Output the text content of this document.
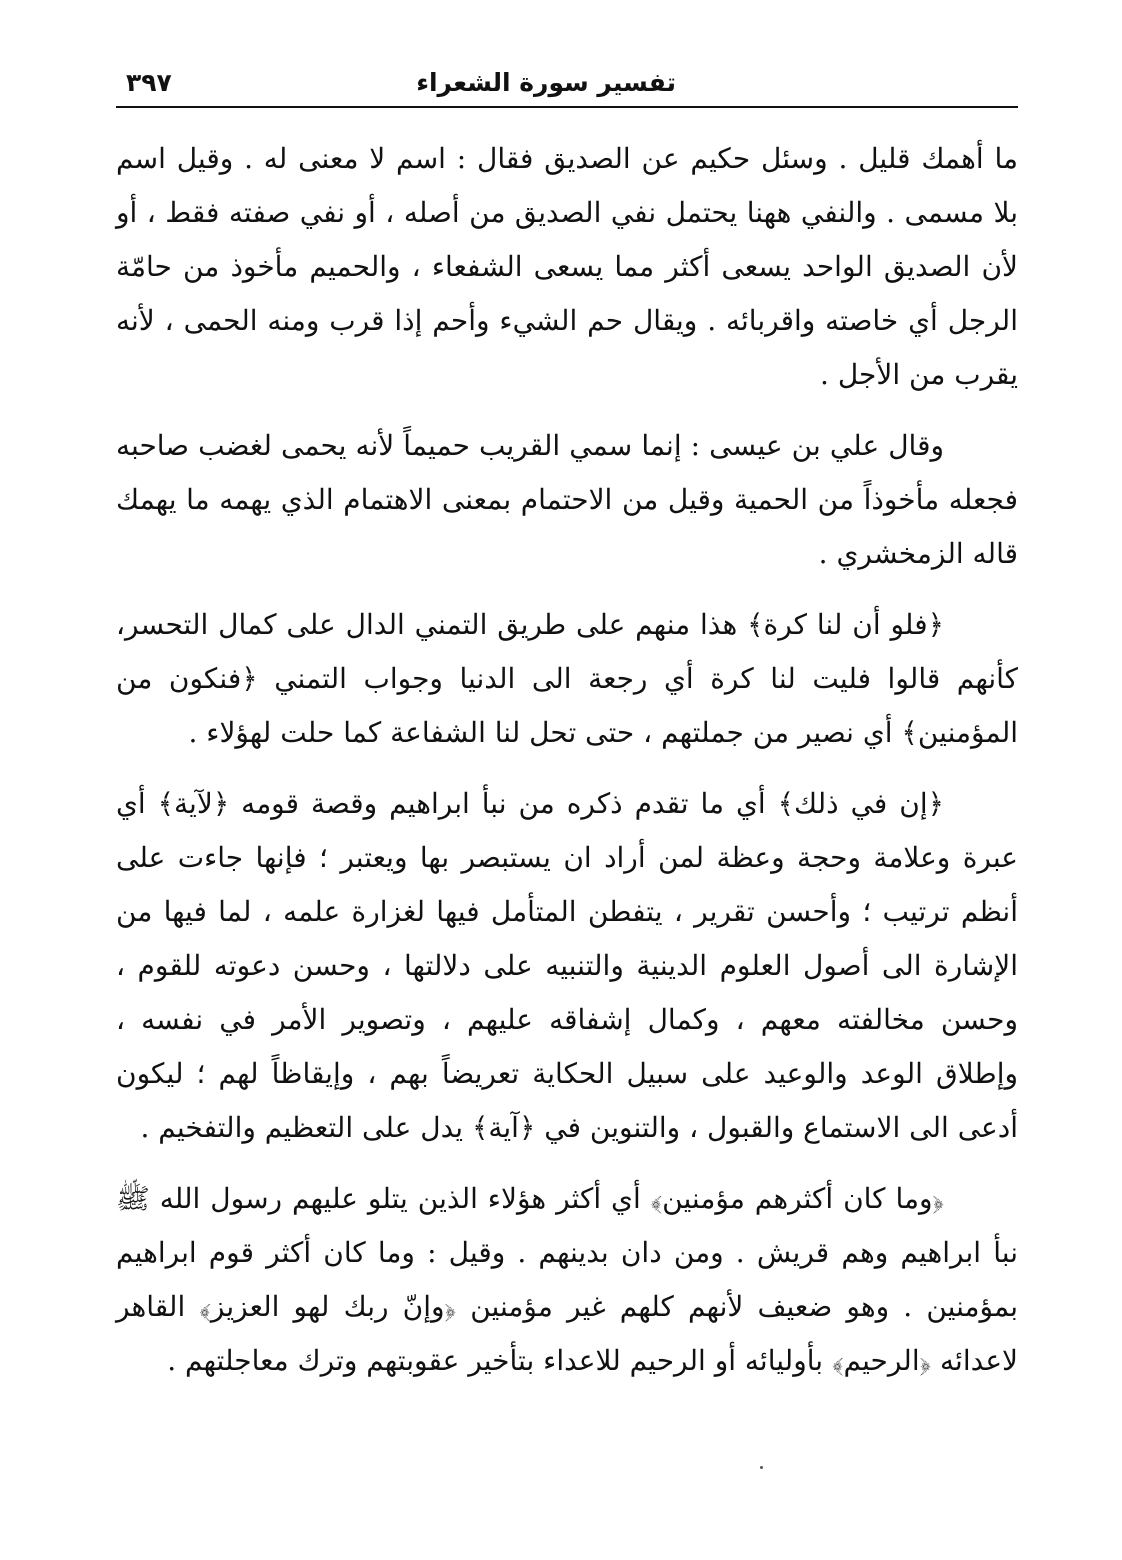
تفسير سورة الشعراء
٣٩٧

ما أهمك قليل . وسئل حكيم عن الصديق فقال : اسم لا معنى له . وقيل اسم بلا مسمى . والنفي ههنا يحتمل نفي الصديق من أصله ، أو نفي صفته فقط ، أو لأن الصديق الواحد يسعى أكثر مما يسعى الشفعاء ، والحميم مأخوذ من حامّة الرجل أي خاصته واقربائه . ويقال حم الشيء وأحم إذا قرب ومنه الحمى ، لأنه يقرب من الأجل .

وقال علي بن عيسى : إنما سمي القريب حميماً لأنه يحمى لغضب صاحبه فجعله مأخوذاً من الحمية وقيل من الاحتمام بمعنى الاهتمام الذي يهمه ما يهمك قاله الزمخشري .

﴿فلو أن لنا كرة﴾ هذا منهم على طريق التمني الدال على كمال التحسر، كأنهم قالوا فليت لنا كرة أي رجعة الى الدنيا وجواب التمني ﴿فنكون من المؤمنين﴾ أي نصير من جملتهم ، حتى تحل لنا الشفاعة كما حلت لهؤلاء .

﴿إن في ذلك﴾ أي ما تقدم ذكره من نبأ ابراهيم وقصة قومه ﴿لآية﴾ أي عبرة وعلامة وحجة وعظة لمن أراد ان يستبصر بها ويعتبر ؛ فإنها جاءت على أنظم ترتيب ؛ وأحسن تقرير ، يتفطن المتأمل فيها لغزارة علمه ، لما فيها من الإشارة الى أصول العلوم الدينية والتنبيه على دلالتها ، وحسن دعوته للقوم ، وحسن مخالفته معهم ، وكمال إشفاقه عليهم ، وتصوير الأمر في نفسه ، وإطلاق الوعد والوعيد على سبيل الحكاية تعريضاً بهم ، وإيقاظاً لهم ؛ ليكون أدعى الى الاستماع والقبول ، والتنوين في ﴿آية﴾ يدل على التعظيم والتفخيم .

﴿وما كان أكثرهم مؤمنين﴾ أي أكثر هؤلاء الذين يتلو عليهم رسول الله ﷺ نبأ ابراهيم وهم قريش . ومن دان بدينهم . وقيل : وما كان أكثر قوم ابراهيم بمؤمنين . وهو ضعيف لأنهم كلهم غير مؤمنين ﴿وإنّ ربك لهو العزيز﴾ القاهر لاعدائه ﴿الرحيم﴾ بأوليائه أو الرحيم للاعداء بتأخير عقوبتهم وترك معاجلتهم .
